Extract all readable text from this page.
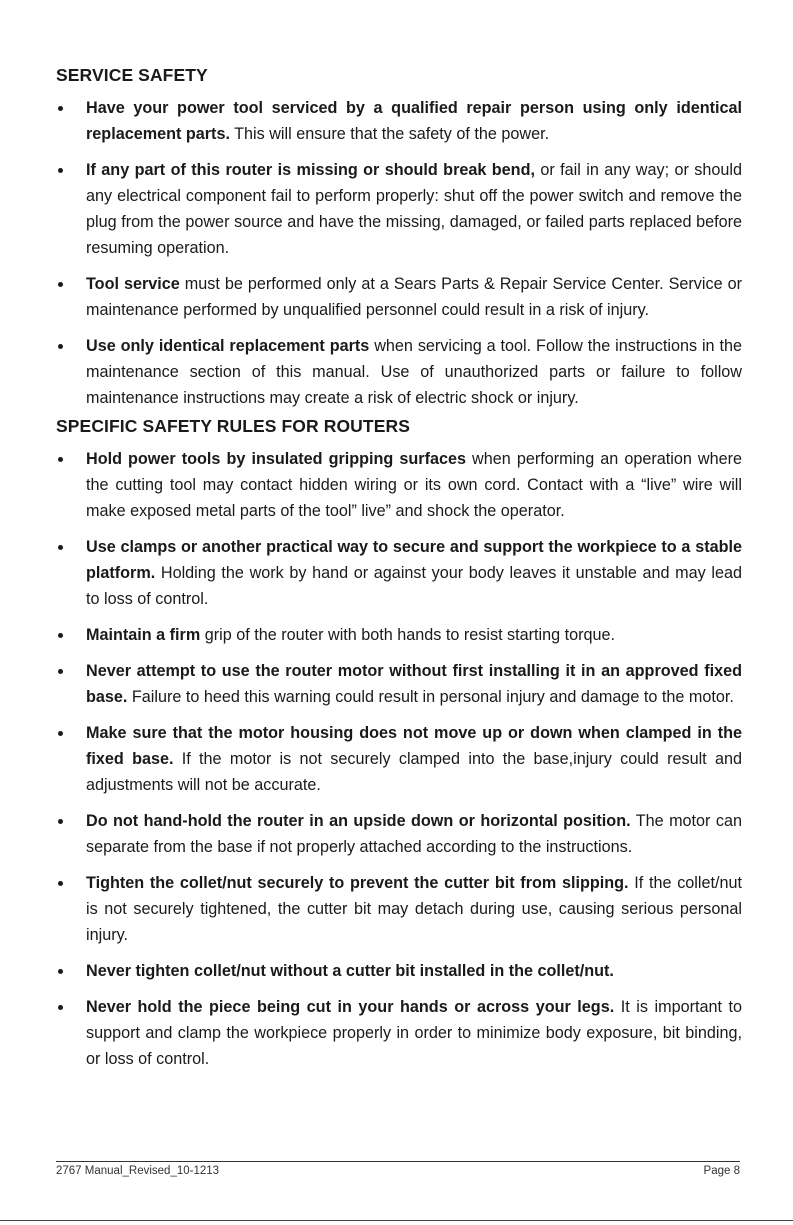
SERVICE SAFETY
Have your power tool serviced by a qualified repair person using only identical replacement parts. This will ensure that the safety of the power.
If any part of this router is missing or should break bend, or fail in any way; or should any electrical component fail to perform properly: shut off the power switch and remove the plug from the power source and have the missing, damaged, or failed parts replaced before resuming operation.
Tool service must be performed only at a Sears Parts & Repair Service Center. Service or maintenance performed by unqualified personnel could result in a risk of injury.
Use only identical replacement parts when servicing a tool. Follow the instructions in the maintenance section of this manual. Use of unauthorized parts or failure to follow maintenance instructions may create a risk of electric shock or injury.
SPECIFIC SAFETY RULES FOR ROUTERS
Hold power tools by insulated gripping surfaces when performing an operation where the cutting tool may contact hidden wiring or its own cord. Contact with a “live” wire will make exposed metal parts of the tool” live” and shock the operator.
Use clamps or another practical way to secure and support the workpiece to a stable platform. Holding the work by hand or against your body leaves it unstable and may lead to loss of control.
Maintain a firm grip of the router with both hands to resist starting torque.
Never attempt to use the router motor without first installing it in an approved fixed base. Failure to heed this warning could result in personal injury and damage to the motor.
Make sure that the motor housing does not move up or down when clamped in the fixed base. If the motor is not securely clamped into the base,injury could result and adjustments will not be accurate.
Do not hand-hold the router in an upside down or horizontal position. The motor can separate from the base if not properly attached according to the instructions.
Tighten the collet/nut securely to prevent the cutter bit from slipping. If the collet/nut is not securely tightened, the cutter bit may detach during use, causing serious personal injury.
Never tighten collet/nut without a cutter bit installed in the collet/nut.
Never hold the piece being cut in your hands or across your legs. It is important to support and clamp the workpiece properly in order to minimize body exposure, bit binding, or loss of control.
2767 Manual_Revised_10-1213	Page 8
